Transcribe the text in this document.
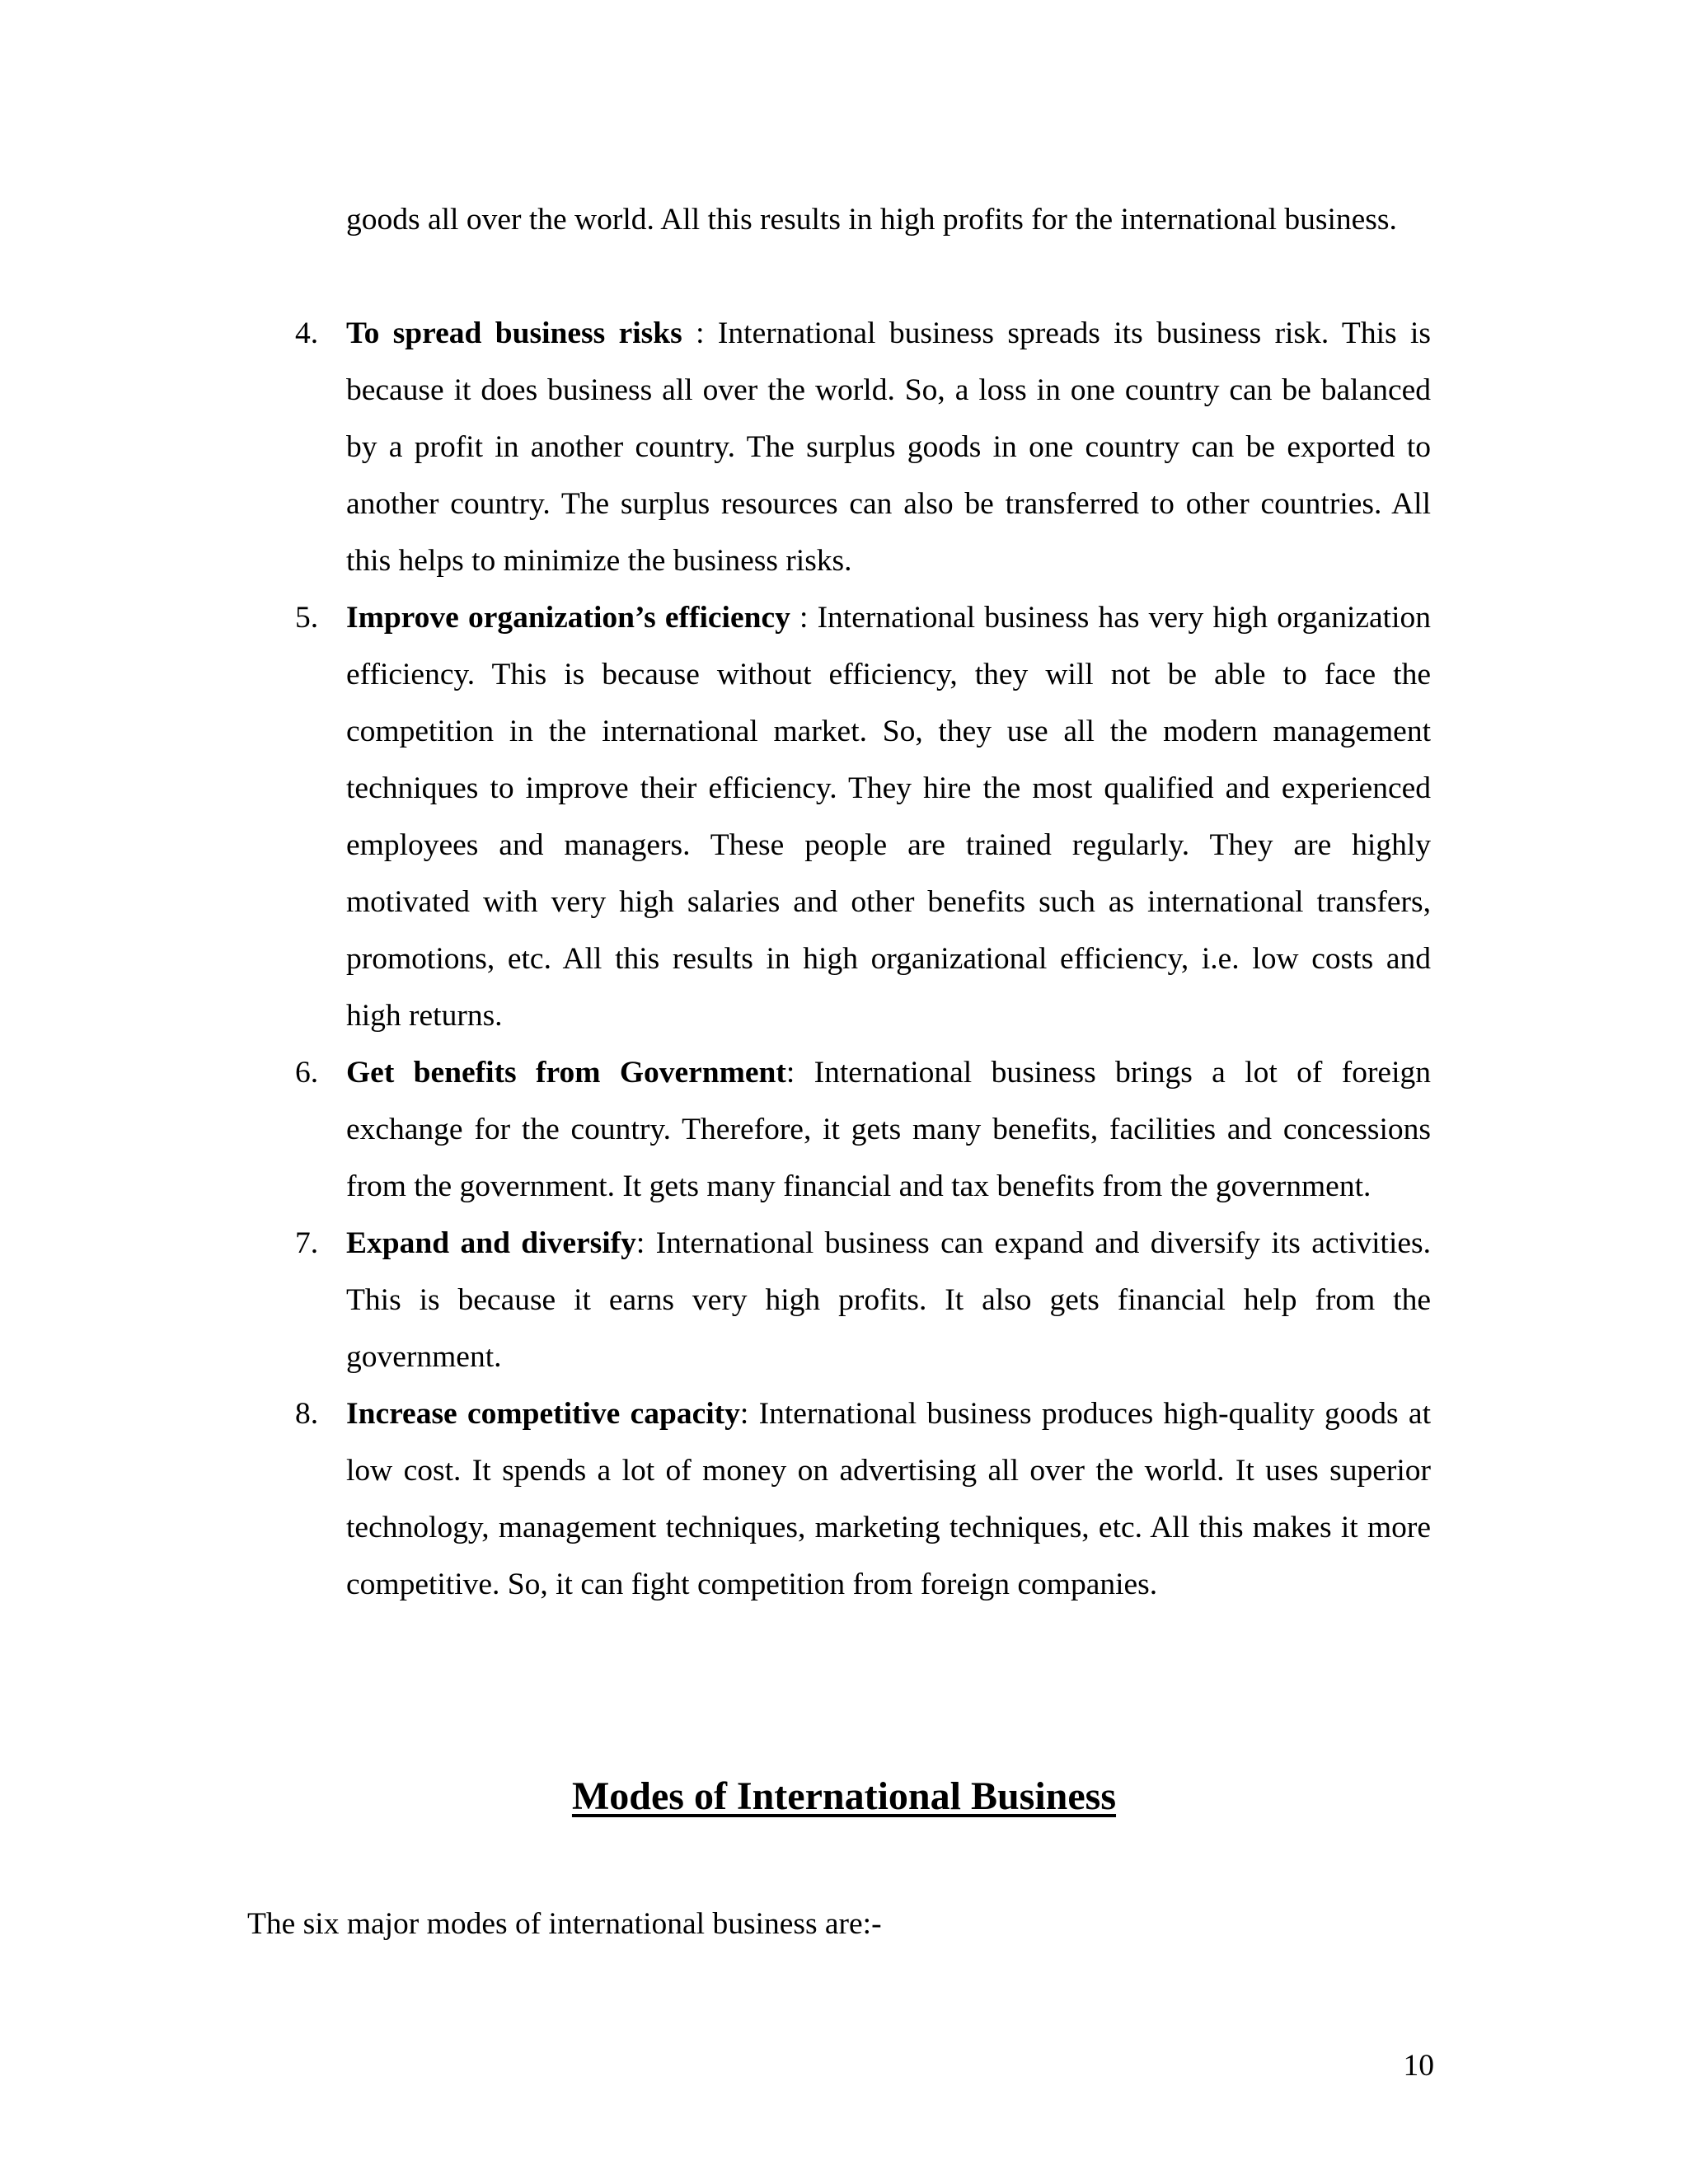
goods all over the world. All this results in high profits for the international business.

4. To spread business risks : International business spreads its business risk. This is because it does business all over the world. So, a loss in one country can be balanced by a profit in another country. The surplus goods in one country can be exported to another country. The surplus resources can also be transferred to other countries. All this helps to minimize the business risks.
5. Improve organization’s efficiency : International business has very high organization efficiency. This is because without efficiency, they will not be able to face the competition in the international market. So, they use all the modern management techniques to improve their efficiency. They hire the most qualified and experienced employees and managers. These people are trained regularly. They are highly motivated with very high salaries and other benefits such as international transfers, promotions, etc. All this results in high organizational efficiency, i.e. low costs and high returns.
6. Get benefits from Government: International business brings a lot of foreign exchange for the country. Therefore, it gets many benefits, facilities and concessions from the government. It gets many financial and tax benefits from the government.
7. Expand and diversify: International business can expand and diversify its activities. This is because it earns very high profits. It also gets financial help from the government.
8. Increase competitive capacity: International business produces high-quality goods at low cost. It spends a lot of money on advertising all over the world. It uses superior technology, management techniques, marketing techniques, etc. All this makes it more competitive. So, it can fight competition from foreign companies.
Modes of International Business

The six major modes of international business are:-

10
